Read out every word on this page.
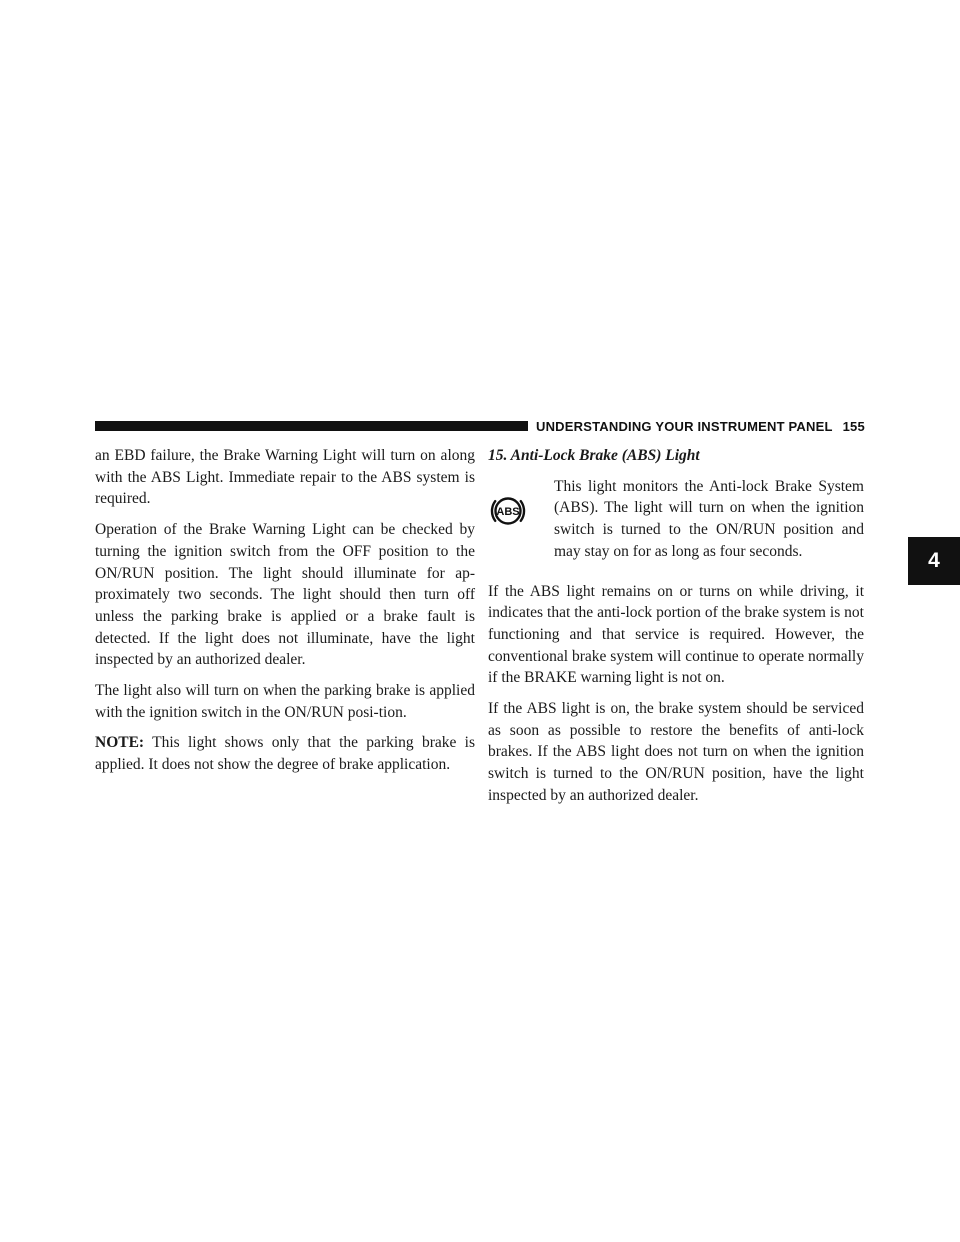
UNDERSTANDING YOUR INSTRUMENT PANEL 155
4

an EBD failure, the Brake Warning Light will turn on along with the ABS Light. Immediate repair to the ABS system is required.

Operation of the Brake Warning Light can be checked by turning the ignition switch from the OFF position to the ON/RUN position. The light should illuminate for ap-proximately two seconds. The light should then turn off unless the parking brake is applied or a brake fault is detected. If the light does not illuminate, have the light inspected by an authorized dealer.

The light also will turn on when the parking brake is applied with the ignition switch in the ON/RUN posi-tion.

NOTE: This light shows only that the parking brake is applied. It does not show the degree of brake application.

15. Anti-Lock Brake (ABS) Light

ABS

This light monitors the Anti-lock Brake System (ABS). The light will turn on when the ignition switch is turned to the ON/RUN position and may stay on for as long as four seconds.

If the ABS light remains on or turns on while driving, it indicates that the anti-lock portion of the brake system is not functioning and that service is required. However, the conventional brake system will continue to operate normally if the BRAKE warning light is not on.

If the ABS light is on, the brake system should be serviced as soon as possible to restore the benefits of anti-lock brakes. If the ABS light does not turn on when the ignition switch is turned to the ON/RUN position, have the light inspected by an authorized dealer.
